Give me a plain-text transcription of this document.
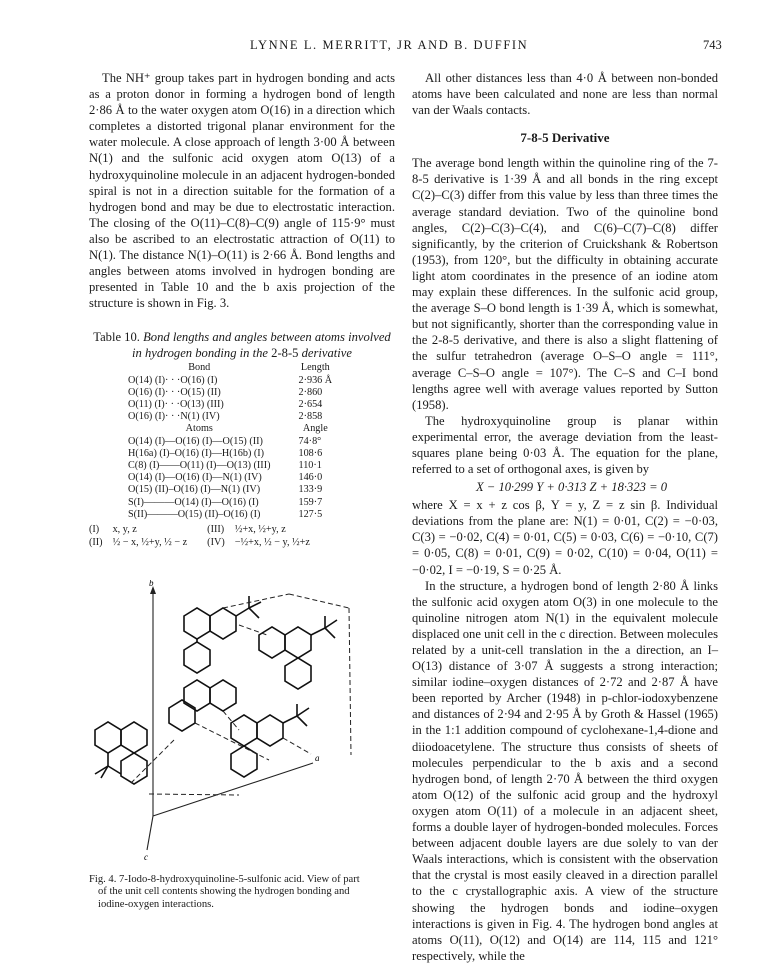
LYNNE L. MERRITT, JR AND B. DUFFIN	743

The NH⁺ group takes part in hydrogen bonding and acts as a proton donor in forming a hydrogen bond of length 2·86 Å to the water oxygen atom O(16) in a direction which completes a distorted trigonal planar environment for the water molecule. A close approach of length 3·00 Å between N(1) and the sulfonic acid oxygen atom O(13) of a hydroxyquinoline molecule in an adjacent hydrogen-bonded spiral is not in a direction suitable for the formation of a hydrogen bond and may be due to electrostatic interaction. The closing of the O(11)–C(8)–C(9) angle of 115·9° must also be ascribed to an electrostatic attraction of O(11) to N(1). The distance N(1)–O(11) is 2·66 Å. Bond lengths and angles between atoms involved in hydrogen bonding are presented in Table 10 and the b axis projection of the structure is shown in Fig. 3.

Table 10. Bond lengths and angles between atoms involved in hydrogen bonding in the 2-8-5 derivative
Bond	Length
O(14) (I)· · ·O(16) (I)	2·936 Å
O(16) (I)· · ·O(15) (II)	2·860
O(11) (I)· · ·O(13) (III)	2·654
O(16) (I)· · ·N(1) (IV)	2·858
Atoms	Angle
O(14) (I)—O(16) (I)—O(15) (II)	74·8°
H(16a) (I)–O(16) (I)—H(16b) (I)	108·6
C(8) (I)——O(11) (I)—O(13) (III)	110·1
O(14) (I)—O(16) (I)—N(1) (IV)	146·0
O(15) (II)–O(16) (I)—N(1) (IV)	133·9
S(I)———O(14) (I)—O(16) (I)	159·7
S(II)———O(15) (II)–O(16) (I)	127·5
(I)	x, y, z	(III)	½+x, ½+y, z
(II)	½ − x, ½+y, ½ − z	(IV)	−½+x, ½ − y, ½+z
b
a
c
Fig. 4. 7-Iodo-8-hydroxyquinoline-5-sulfonic acid. View of part
of the unit cell contents showing the hydrogen bonding and
iodine-oxygen interactions.

All other distances less than 4·0 Å between non-bonded atoms have been calculated and none are less than normal van der Waals contacts.

7-8-5 Derivative

The average bond length within the quinoline ring of the 7-8-5 derivative is 1·39 Å and all bonds in the ring except C(2)–C(3) differ from this value by less than three times the average standard deviation. Two of the quinoline bond angles, C(2)–C(3)–C(4), and C(6)–C(7)–C(8) differ significantly, by the criterion of Cruickshank & Robertson (1953), from 120°, but the difficulty in obtaining accurate light atom coordinates in the presence of an iodine atom may explain these differences. In the sulfonic acid group, the average S–O bond length is 1·39 Å, which is somewhat, but not significantly, shorter than the corresponding value in the 2-8-5 derivative, and there is also a slight flattening of the sulfur tetrahedron (average O–S–O angle = 111°, average C–S–O angle = 107°). The C–S and C–I bond lengths agree well with average values reported by Sutton (1958).

The hydroxyquinoline group is planar within experimental error, the average deviation from the least-squares plane being 0·03 Å. The equation for the plane, referred to a set of orthogonal axes, is given by

X − 10·299 Y + 0·313 Z + 18·323 = 0

where X = x + z cos β, Y = y, Z = z sin β. Individual deviations from the plane are: N(1) = 0·01, C(2) = −0·03, C(3) = −0·02, C(4) = 0·01, C(5) = 0·03, C(6) = −0·10, C(7) = 0·05, C(8) = 0·01, C(9) = 0·02, C(10) = 0·04, O(11) = −0·02, I = −0·19, S = 0·25 Å.

In the structure, a hydrogen bond of length 2·80 Å links the sulfonic acid oxygen atom O(3) in one molecule to the quinoline nitrogen atom N(1) in the equivalent molecule displaced one unit cell in the c direction. Between molecules related by a unit-cell translation in the a direction, an I–O(13) distance of 3·07 Å suggests a strong interaction; similar iodine–oxygen distances of 2·72 and 2·87 Å have been reported by Archer (1948) in p-chlor-iodoxybenzene and distances of 2·94 and 2·95 Å by Groth & Hassel (1965) in the 1:1 addition compound of cyclohexane-1,4-dione and diiodoacetylene. The structure thus consists of sheets of molecules perpendicular to the b axis and a second hydrogen bond, of length 2·70 Å between the third oxygen atom O(12) of the sulfonic acid group and the hydroxyl oxygen atom O(11) of a molecule in an adjacent sheet, forms a double layer of hydrogen-bonded molecules. Forces between adjacent double layers are due solely to van der Waals interactions, which is consistent with the observation that the crystal is most easily cleaved in a direction parallel to the c crystallographic axis. A view of the structure showing the hydrogen bonds and iodine–oxygen interactions is given in Fig. 4. The hydrogen bond angles at atoms O(11), O(12) and O(14) are 114, 115 and 121° respectively, while the
